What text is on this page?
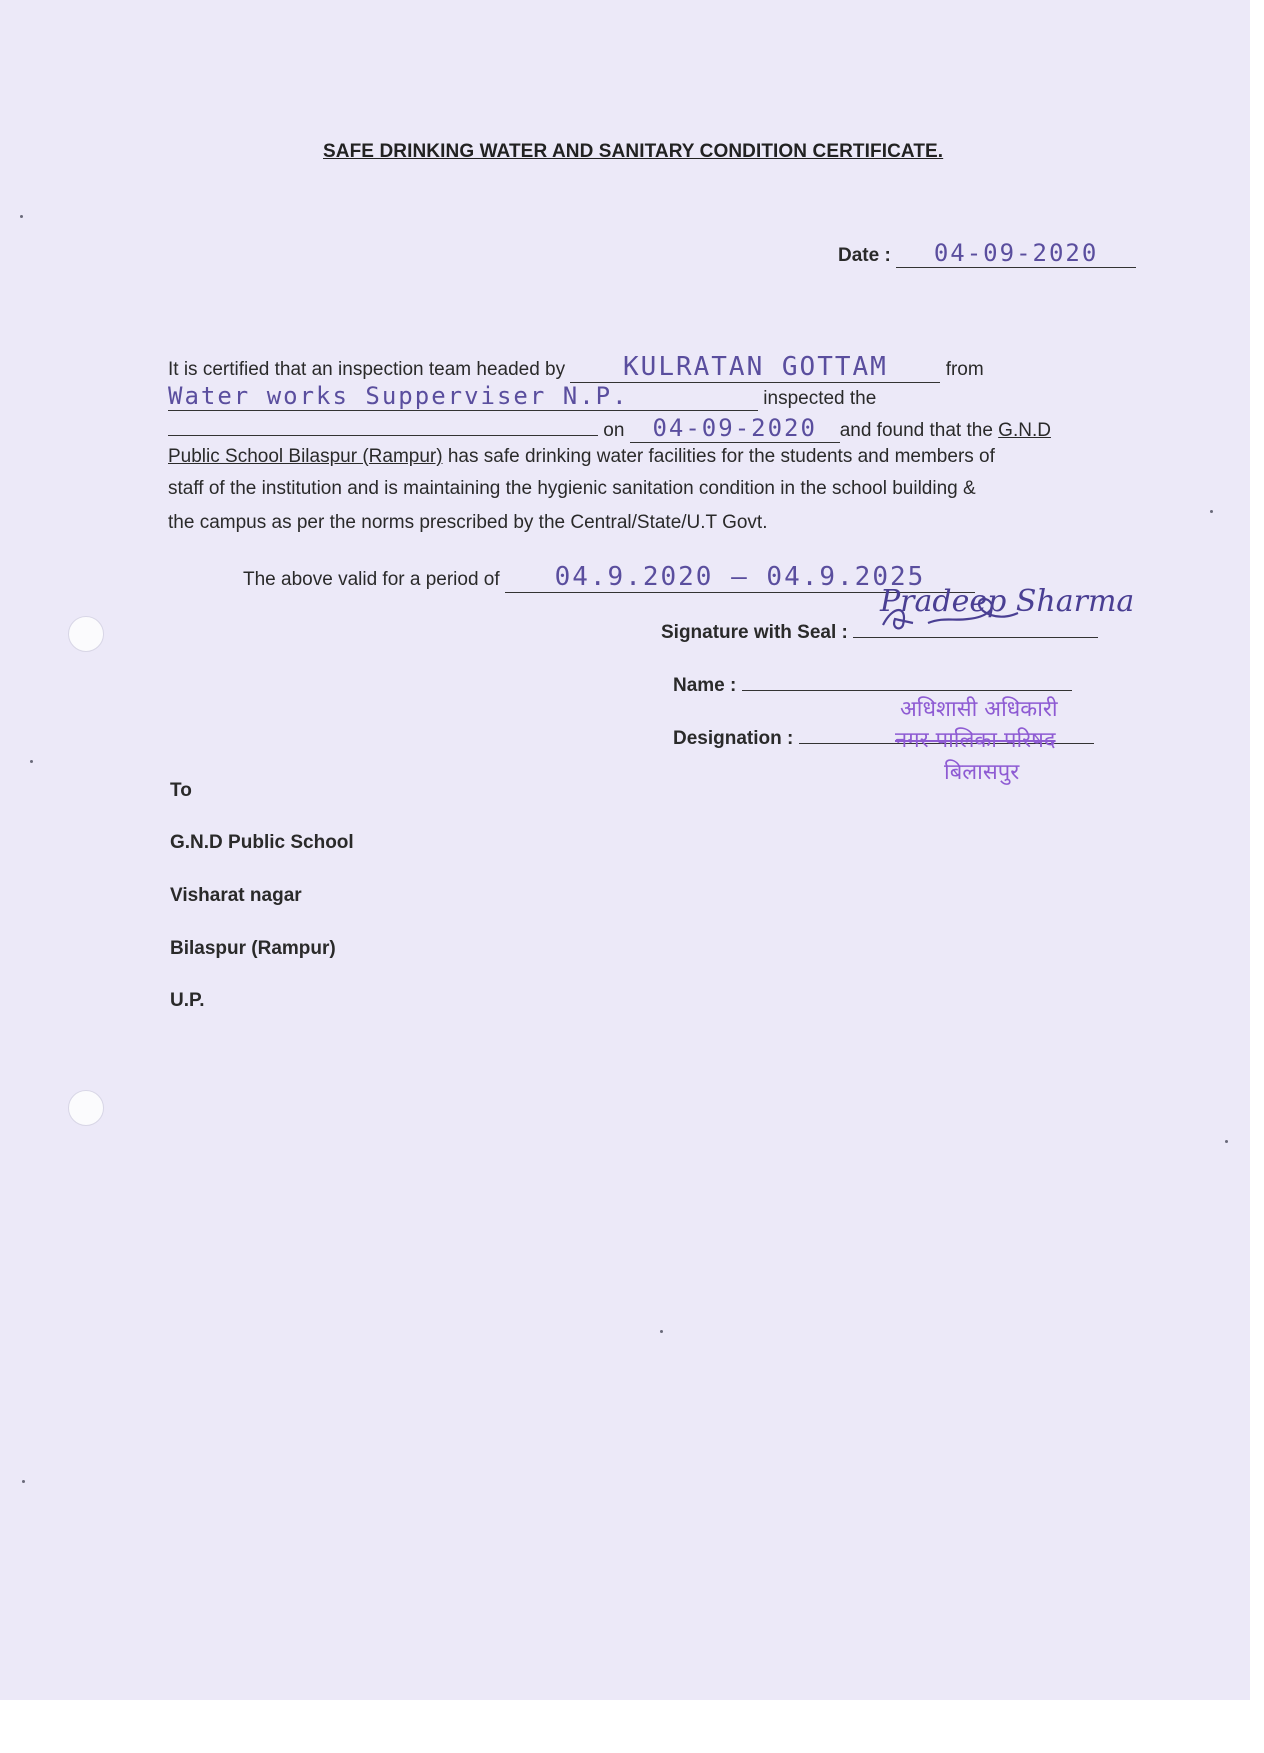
SAFE DRINKING WATER AND SANITARY CONDITION CERTIFICATE.
Date : 04-09-2020
It is certified that an inspection team headed by KULRATAN GOTTAM	from
Water works Supperviser N.P.	inspected the
on 04-09-2020 and found that the G.N.D
Public School Bilaspur (Rampur) has safe drinking water facilities for the students and members of
staff of the institution and is maintaining the hygienic sanitation condition in the school building &
the campus as per the norms prescribed by the Central/State/U.T Govt.
The above valid for a period of 04.9.2020 — 04.9.2025
Signature with Seal :
Name :
Pradeep Sharma
Designation :
अधिशासी अधिकारी
नगर पालिका परिषद
बिलासपुर
To
G.N.D Public School
Visharat nagar
Bilaspur (Rampur)
U.P.
